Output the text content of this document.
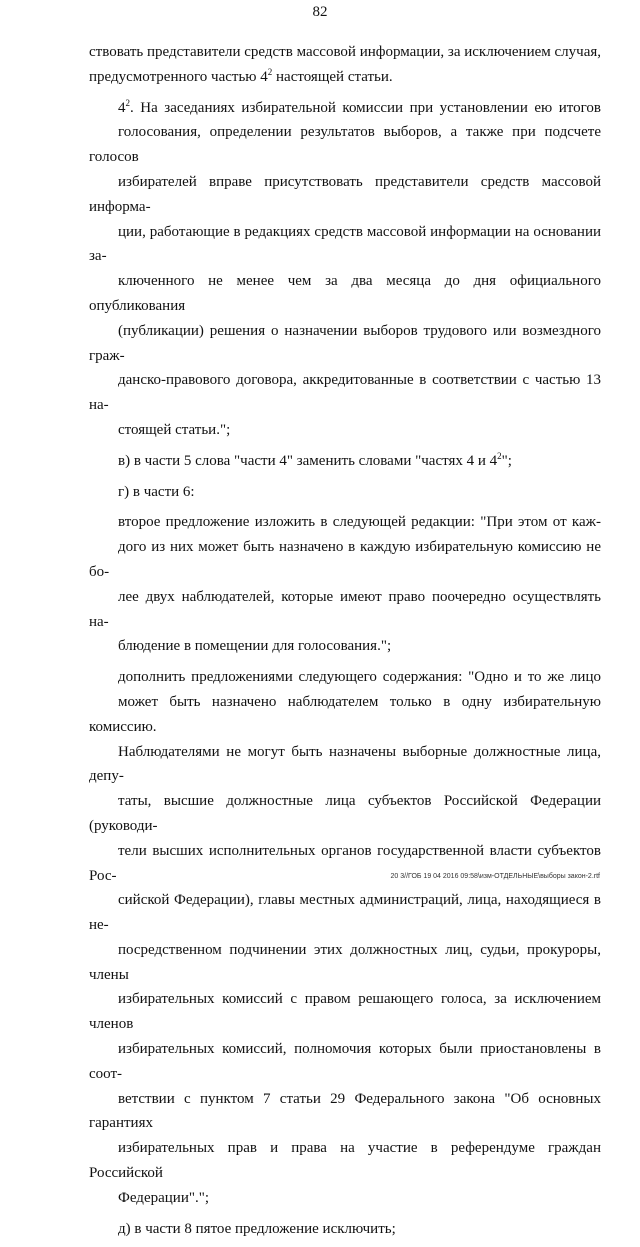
82

ствовать представители средств массовой информации, за исключением случая,
предусмотренного частью $4^2$ настоящей статьи.

$4^2$. На заседаниях избирательной комиссии при установлении ею итогов
голосования, определении результатов выборов, а также при подсчете голосов
избирателей вправе присутствовать представители средств массовой информа-
ции, работающие в редакциях средств массовой информации на основании за-
ключенного не менее чем за два месяца до дня официального опубликования
(публикации) решения о назначении выборов трудового или возмездного граж-
данско-правового договора, аккредитованные в соответствии с частью 13 на-
стоящей статьи.";

в) в части 5 слова "части 4" заменить словами "частях 4 и $4^2$";

г) в части 6:

второе предложение изложить в следующей редакции: "При этом от каж-
дого из них может быть назначено в каждую избирательную комиссию не бо-
лее двух наблюдателей, которые имеют право поочередно осуществлять на-
блюдение в помещении для голосования.";

дополнить предложениями следующего содержания: "Одно и то же лицо
может быть назначено наблюдателем только в одну избирательную комиссию.
Наблюдателями не могут быть назначены выборные должностные лица, депу-
таты, высшие должностные лица субъектов Российской Федерации (руководи-
тели высших исполнительных органов государственной власти субъектов Рос-
сийской Федерации), главы местных администраций, лица, находящиеся в не-
посредственном подчинении этих должностных лиц, судьи, прокуроры, члены
избирательных комиссий с правом решающего голоса, за исключением членов
избирательных комиссий, полномочия которых были приостановлены в соот-
ветствии с пунктом 7 статьи 29 Федерального закона "Об основных гарантиях
избирательных прав и права на участие в референдуме граждан Российской
Федерации".";

д) в части 8 пятое предложение исключить;

20 3//ГОБ 19 04 2016 09:58\изм-ОТДЕЛЬНЫЕ\выборы закон-2.rtf
